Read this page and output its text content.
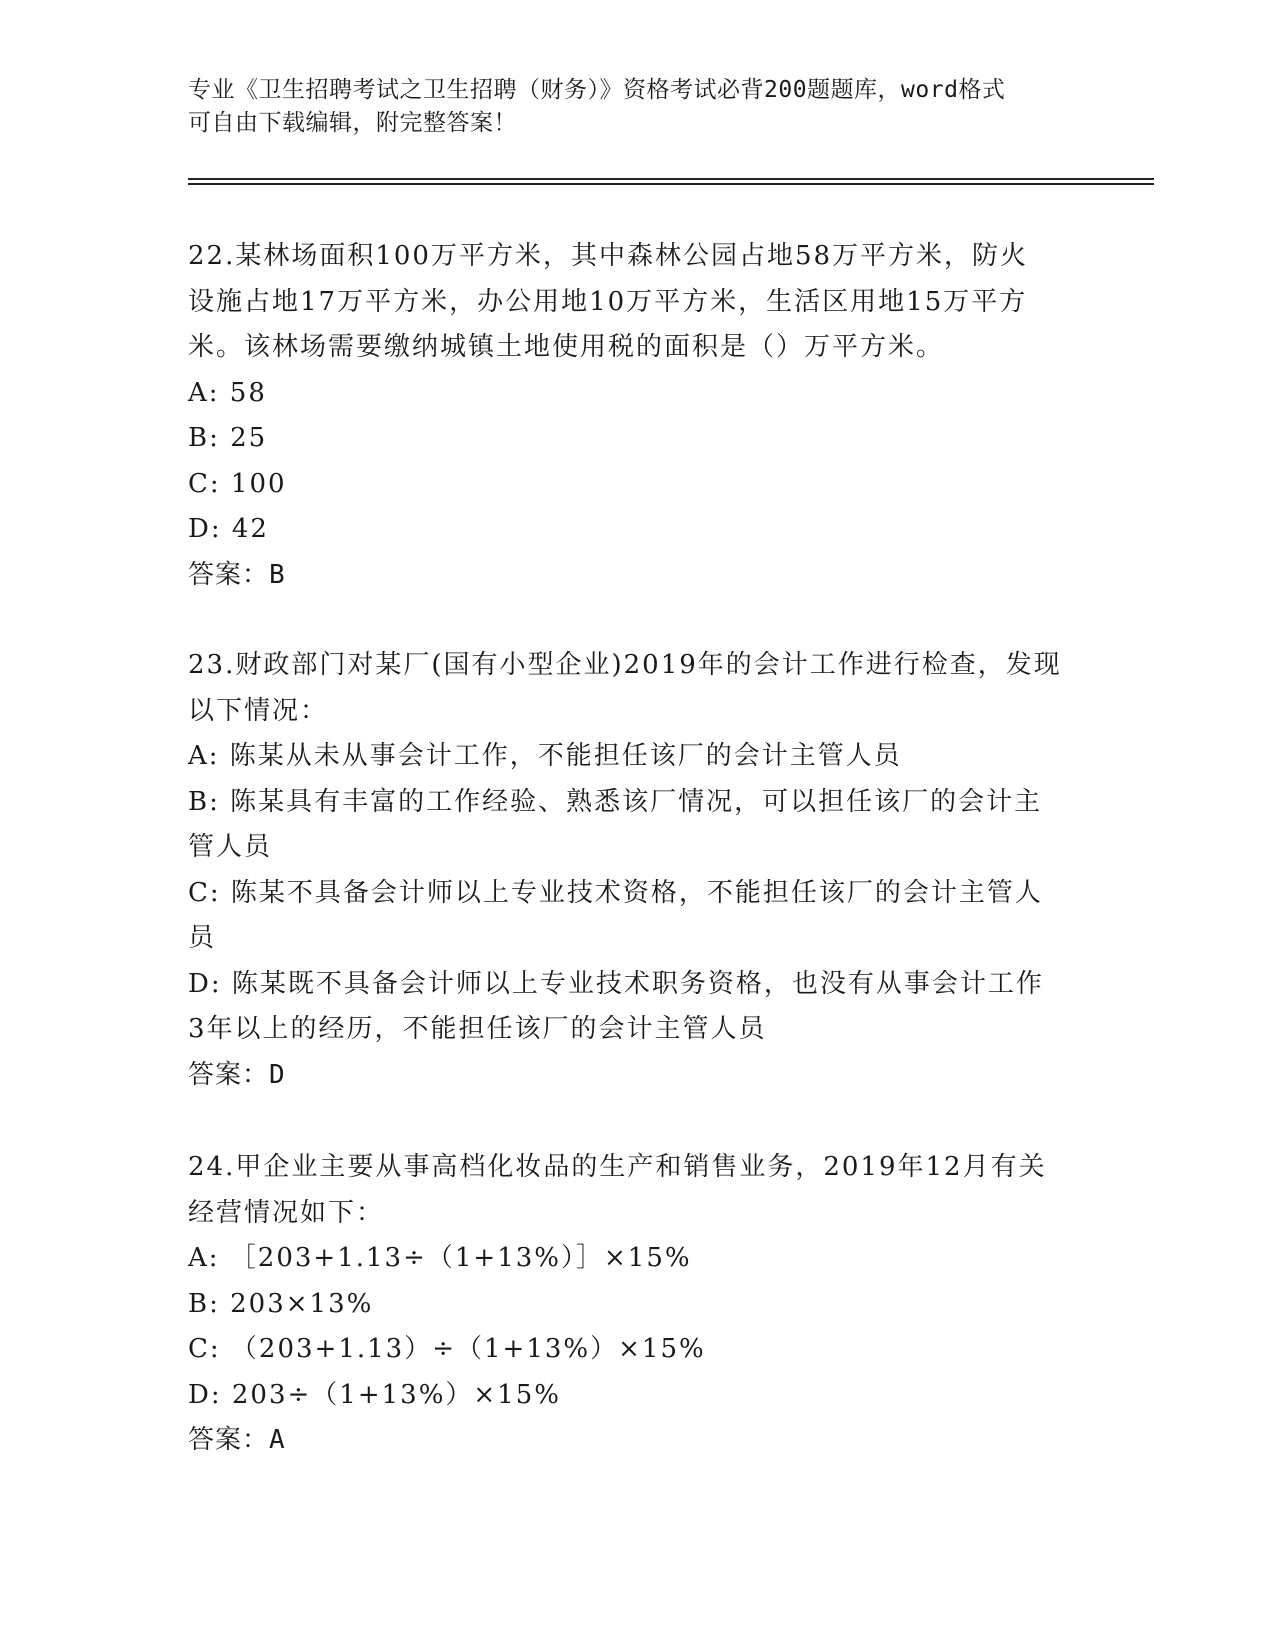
专业《卫生招聘考试之卫生招聘（财务）》资格考试必背200题题库，word格式
可自由下载编辑，附完整答案！
22.某林场面积100万平方米，其中森林公园占地58万平方米，防火
设施占地17万平方米，办公用地10万平方米，生活区用地15万平方
米。该林场需要缴纳城镇土地使用税的面积是（）万平方米。
A: 58
B: 25
C: 100
D: 42
答案：B
23.财政部门对某厂(国有小型企业)2019年的会计工作进行检查，发现
以下情况：
A: 陈某从未从事会计工作，不能担任该厂的会计主管人员
B: 陈某具有丰富的工作经验、熟悉该厂情况，可以担任该厂的会计主
管人员
C: 陈某不具备会计师以上专业技术资格，不能担任该厂的会计主管人
员
D: 陈某既不具备会计师以上专业技术职务资格，也没有从事会计工作
3年以上的经历，不能担任该厂的会计主管人员
答案：D
24.甲企业主要从事高档化妆品的生产和销售业务，2019年12月有关
经营情况如下：
A: ［203+1.13÷（1+13%）］×15%
B: 203×13%
C: （203+1.13）÷（1+13%）×15%
D: 203÷（1+13%）×15%
答案：A
